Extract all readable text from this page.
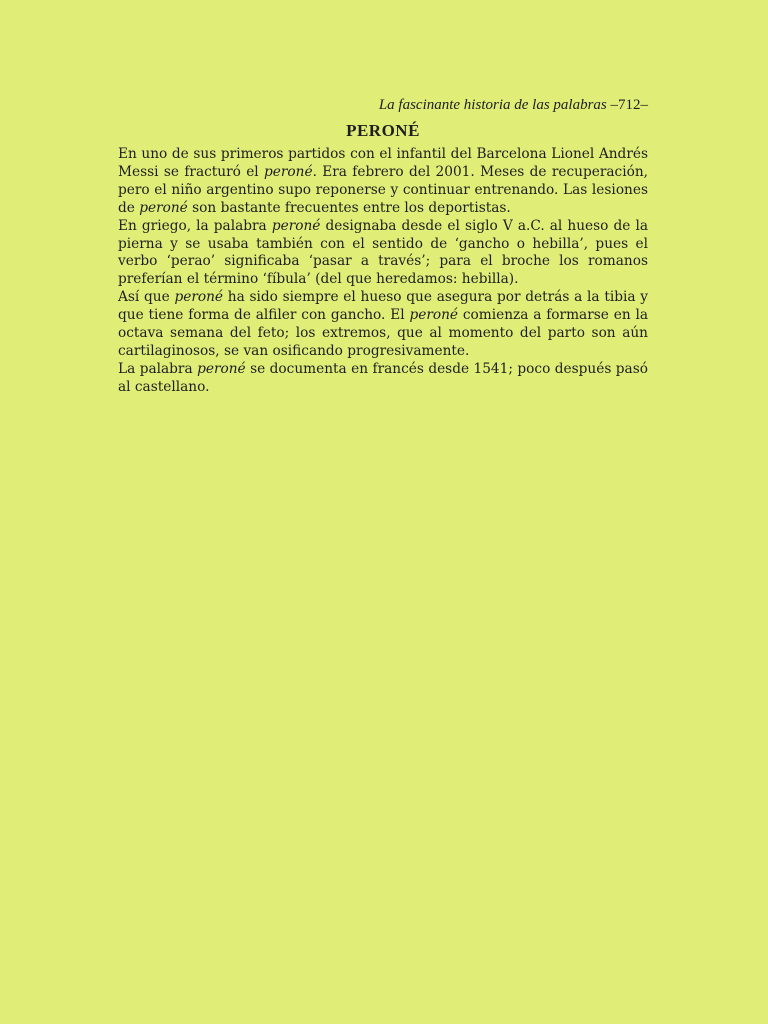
La fascinante historia de las palabras –712–

PERONÉ

En uno de sus primeros partidos con el infantil del Barcelona Lionel Andrés Messi se fracturó el peroné. Era febrero del 2001. Meses de recuperación, pero el niño argentino supo reponerse y continuar entrenando. Las lesiones de peroné son bastante frecuentes entre los deportistas.

En griego, la palabra peroné designaba desde el siglo V a.C. al hueso de la pierna y se usaba también con el sentido de ‘gancho o hebilla’, pues el verbo ‘perao’ significaba ‘pasar a través’; para el broche los romanos preferían el término ‘fíbula’ (del que heredamos: hebilla).

Así que peroné ha sido siempre el hueso que asegura por detrás a la tibia y que tiene forma de alfiler con gancho. El peroné comienza a formarse en la octava semana del feto; los extremos, que al momento del parto son aún cartilaginosos, se van osificando progresivamente.

La palabra peroné se documenta en francés desde 1541; poco después pasó al castellano.
